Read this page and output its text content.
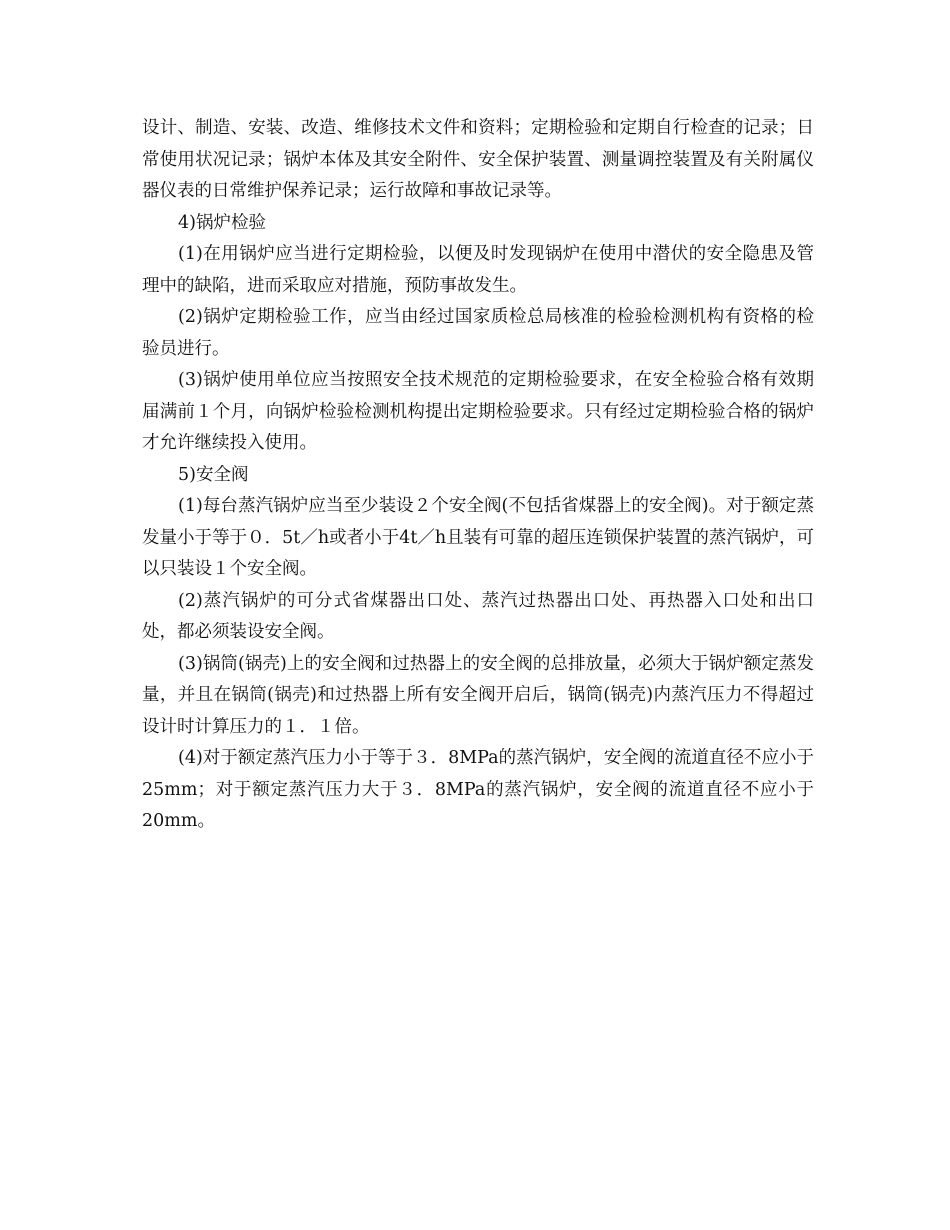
设计、制造、安装、改造、维修技术文件和资料；定期检验和定期自行检查的记录；日常使用状况记录；锅炉本体及其安全附件、安全保护装置、测量调控装置及有关附属仪器仪表的日常维护保养记录；运行故障和事故记录等。

4)锅炉检验

(1)在用锅炉应当进行定期检验，以便及时发现锅炉在使用中潜伏的安全隐患及管理中的缺陷，进而采取应对措施，预防事故发生。

(2)锅炉定期检验工作，应当由经过国家质检总局核准的检验检测机构有资格的检验员进行。

(3)锅炉使用单位应当按照安全技术规范的定期检验要求，在安全检验合格有效期届满前１个月，向锅炉检验检测机构提出定期检验要求。只有经过定期检验合格的锅炉才允许继续投入使用。

5)安全阀

(1)每台蒸汽锅炉应当至少装设２个安全阀(不包括省煤器上的安全阀)。对于额定蒸发量小于等于０．5t／h或者小于4t／h且装有可靠的超压连锁保护装置的蒸汽锅炉，可以只装设１个安全阀。

(2)蒸汽锅炉的可分式省煤器出口处、蒸汽过热器出口处、再热器入口处和出口处，都必须装设安全阀。

(3)锅筒(锅壳)上的安全阀和过热器上的安全阀的总排放量，必须大于锅炉额定蒸发量，并且在锅筒(锅壳)和过热器上所有安全阀开启后，锅筒(锅壳)内蒸汽压力不得超过设计时计算压力的１．１倍。

(4)对于额定蒸汽压力小于等于３．8MPa的蒸汽锅炉，安全阀的流道直径不应小于25mm；对于额定蒸汽压力大于３．8MPa的蒸汽锅炉，安全阀的流道直径不应小于20mm。
